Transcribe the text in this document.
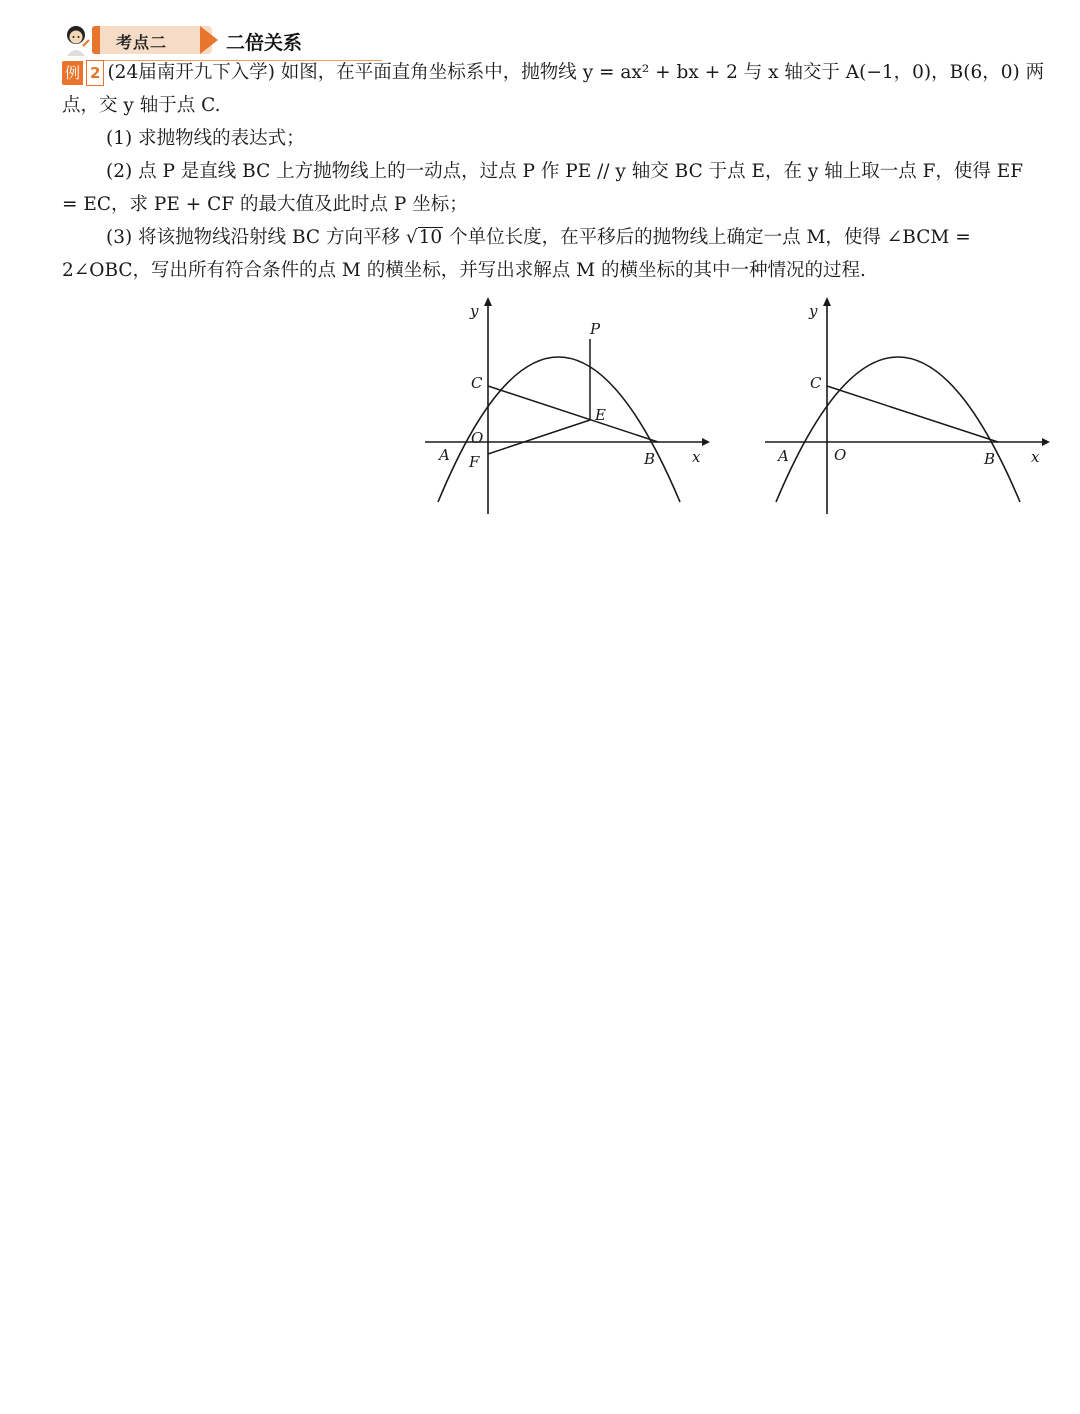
考点二	二倍关系
例 2 (24届南开九下入学) 如图，在平面直角坐标系中，抛物线 y = ax² + bx + 2 与 x 轴交于 A(−1，0)，B(6，0) 两
点，交 y 轴于点 C.
(1) 求抛物线的表达式；
(2) 点 P 是直线 BC 上方抛物线上的一动点，过点 P 作 PE // y 轴交 BC 于点 E，在 y 轴上取一点 F，使得 EF
= EC，求 PE + CF 的最大值及此时点 P 坐标；
(3) 将该抛物线沿射线 BC 方向平移 √10 个单位长度，在平移后的抛物线上确定一点 M，使得 ∠BCM =
2∠OBC，写出所有符合条件的点 M 的横坐标，并写出求解点 M 的横坐标的其中一种情况的过程.
y
x
O
A	B
C
P
E
F
y
x
O
A	B
C
